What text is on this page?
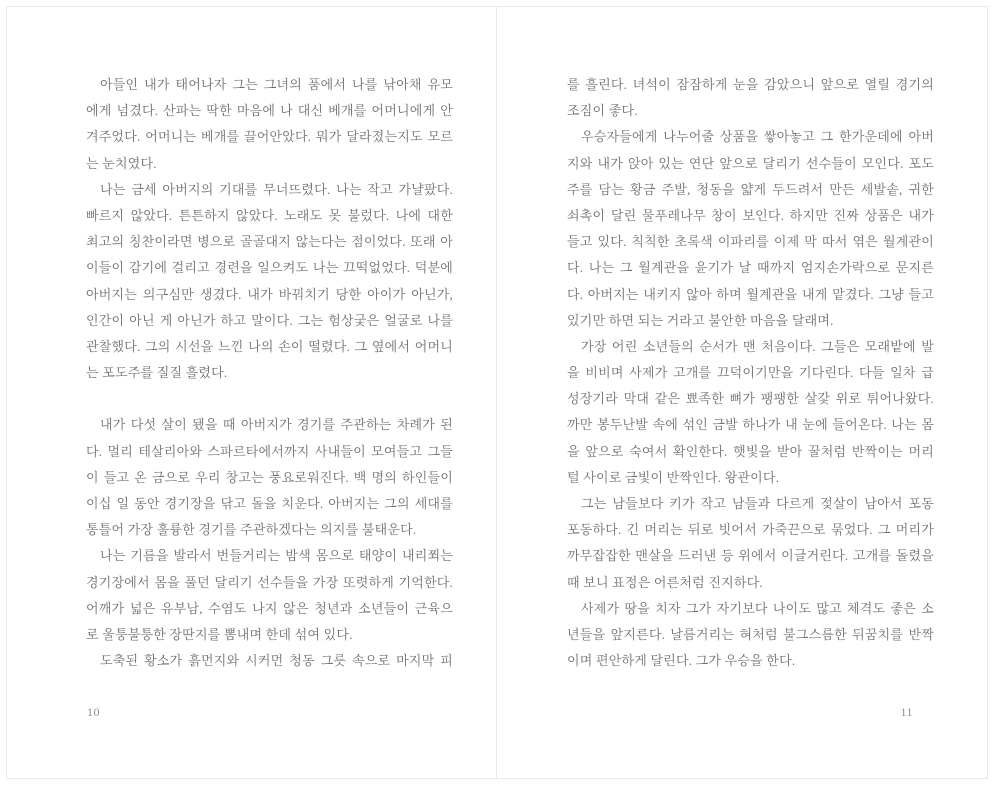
아들인 내가 태어나자 그는 그녀의 품에서 나를 낚아채 유모
에게 넘겼다. 산파는 딱한 마음에 나 대신 베개를 어머니에게 안
겨주었다. 어머니는 베개를 끌어안았다. 뭐가 달라졌는지도 모르
는 눈치였다.
나는 금세 아버지의 기대를 무너뜨렸다. 나는 작고 가냘팠다.
빠르지 않았다. 튼튼하지 않았다. 노래도 못 불렀다. 나에 대한
최고의 칭찬이라면 병으로 골골대지 않는다는 점이었다. 또래 아
이들이 감기에 걸리고 경련을 일으켜도 나는 끄떡없었다. 덕분에
아버지는 의구심만 생겼다. 내가 바꿔치기 당한 아이가 아닌가,
인간이 아닌 게 아닌가 하고 말이다. 그는 험상궂은 얼굴로 나를
관찰했다. 그의 시선을 느낀 나의 손이 떨렸다. 그 옆에서 어머니
는 포도주를 질질 흘렸다.
내가 다섯 살이 됐을 때 아버지가 경기를 주관하는 차례가 된
다. 멀리 테살리아와 스파르타에서까지 사내들이 모여들고 그들
이 들고 온 금으로 우리 창고는 풍요로워진다. 백 명의 하인들이
이십 일 동안 경기장을 닦고 돌을 치운다. 아버지는 그의 세대를
통틀어 가장 훌륭한 경기를 주관하겠다는 의지를 불태운다.
나는 기름을 발라서 번들거리는 밤색 몸으로 태양이 내리쬐는
경기장에서 몸을 풀던 달리기 선수들을 가장 또렷하게 기억한다.
어깨가 넓은 유부남, 수염도 나지 않은 청년과 소년들이 근육으
로 울퉁불퉁한 장딴지를 뽐내며 한데 섞여 있다.
도축된 황소가 흙먼지와 시커먼 청동 그릇 속으로 마지막 피
10
를 흘린다. 녀석이 잠잠하게 눈을 감았으니 앞으로 열릴 경기의
조짐이 좋다.
우승자들에게 나누어줄 상품을 쌓아놓고 그 한가운데에 아버
지와 내가 앉아 있는 연단 앞으로 달리기 선수들이 모인다. 포도
주를 담는 황금 주발, 청동을 얇게 두드려서 만든 세발솥, 귀한
쇠촉이 달린 물푸레나무 창이 보인다. 하지만 진짜 상품은 내가
들고 있다. 칙칙한 초록색 이파리를 이제 막 따서 엮은 월계관이
다. 나는 그 월계관을 윤기가 날 때까지 엄지손가락으로 문지른
다. 아버지는 내키지 않아 하며 월계관을 내게 맡겼다. 그냥 들고
있기만 하면 되는 거라고 불안한 마음을 달래며.
가장 어린 소년들의 순서가 맨 처음이다. 그들은 모래밭에 발
을 비비며 사제가 고개를 끄덕이기만을 기다린다. 다들 일차 급
성장기라 막대 같은 뾰족한 뼈가 팽팽한 살갗 위로 튀어나왔다.
까만 봉두난발 속에 섞인 금발 하나가 내 눈에 들어온다. 나는 몸
을 앞으로 숙여서 확인한다. 햇빛을 받아 꿀처럼 반짝이는 머리
털 사이로 금빛이 반짝인다. 왕관이다.
그는 남들보다 키가 작고 남들과 다르게 젖살이 남아서 포동
포동하다. 긴 머리는 뒤로 빗어서 가죽끈으로 묶었다. 그 머리가
까무잡잡한 맨살을 드러낸 등 위에서 이글거린다. 고개를 돌렸을
때 보니 표정은 어른처럼 진지하다.
사제가 땅을 치자 그가 자기보다 나이도 많고 체격도 좋은 소
년들을 앞지른다. 날름거리는 혀처럼 불그스름한 뒤꿈치를 반짝
이며 편안하게 달린다. 그가 우승을 한다.
11
